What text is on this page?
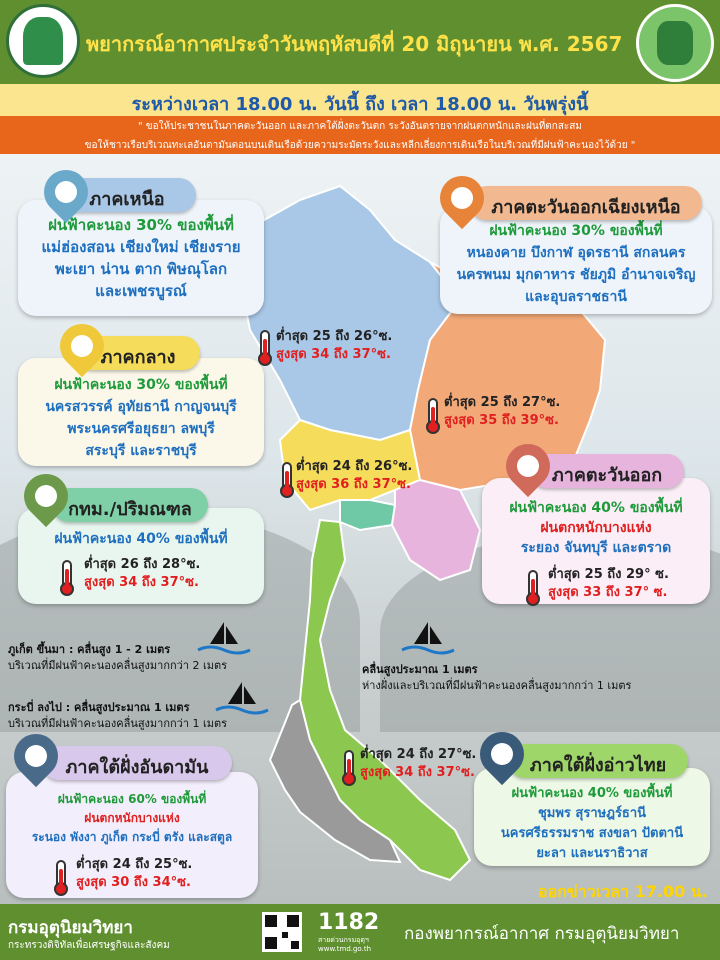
พยากรณ์อากาศประจำวันพฤหัสบดีที่ 20 มิถุนายน พ.ศ. 2567
ระหว่างเวลา 18.00 น. วันนี้ ถึง เวลา 18.00 น. วันพรุ่งนี้

" ขอให้ประชาชนในภาคตะวันออก และภาคใต้ฝั่งตะวันตก ระวังอันตรายจากฝนตกหนักและฝนที่ตกสะสม

ขอให้ชาวเรือบริเวณทะเลอันดามันตอนบนเดินเรือด้วยความระมัดระวังและหลีกเลี่ยงการเดินเรือในบริเวณที่มีฝนฟ้าคะนองไว้ด้วย "

ฝนฟ้าคะนอง 30% ของพื้นที่
แม่ฮ่องสอน เชียงใหม่ เชียงราย
พะเยา น่าน ตาก พิษณุโลก
และเพชรบูรณ์
ภาคเหนือ
ต่ำสุด 25 ถึง 26°ซ.
สูงสุด 34 ถึง 37°ซ.
ฝนฟ้าคะนอง 30% ของพื้นที่
หนองคาย บึงกาฬ อุดรธานี สกลนคร
นครพนม มุกดาหาร ชัยภูมิ อำนาจเจริญ
และอุบลราชธานี
ภาคตะวันออกเฉียงเหนือ
ต่ำสุด 25 ถึง 27°ซ.
สูงสุด 35 ถึง 39°ซ.
ฝนฟ้าคะนอง 30% ของพื้นที่
นครสวรรค์ อุทัยธานี กาญจนบุรี
พระนครศรีอยุธยา ลพบุรี
สระบุรี และราชบุรี
ภาคกลาง
ต่ำสุด 24 ถึง 26°ซ.
สูงสุด 36 ถึง 37°ซ.
ฝนฟ้าคะนอง 40% ของพื้นที่
ต่ำสุด 26 ถึง 28°ซ.
สูงสุด 34 ถึง 37°ซ.
กทม./ปริมณฑล	ฝนฟ้าคะนอง 40% ของพื้นที่
ฝนตกหนักบางแห่ง
ระยอง จันทบุรี และตราด
ต่ำสุด 25 ถึง 29° ซ.
สูงสุด 33 ถึง 37° ซ.
ภาคตะวันออก
ภูเก็ต ขึ้นมา : คลื่นสูง 1 - 2 เมตร
บริเวณที่มีฝนฟ้าคะนองคลื่นสูงมากกว่า 2 เมตร
กระบี่ ลงไป : คลื่นสูงประมาณ 1 เมตร
บริเวณที่มีฝนฟ้าคะนองคลื่นสูงมากกว่า 1 เมตร
คลื่นสูงประมาณ 1 เมตร
ห่างฝั่งและบริเวณที่มีฝนฟ้าคะนองคลื่นสูงมากกว่า 1 เมตร
ฝนฟ้าคะนอง 60% ของพื้นที่
ฝนตกหนักบางแห่ง
ระนอง พังงา ภูเก็ต กระบี่ ตรัง และสตูล
ต่ำสุด 24 ถึง 25°ซ.
สูงสุด 30 ถึง 34°ซ.
ภาคใต้ฝั่งอันดามัน
ต่ำสุด 24 ถึง 27°ซ.
สูงสุด 34 ถึง 37°ซ.
ฝนฟ้าคะนอง 40% ของพื้นที่
ชุมพร สุราษฎร์ธานี
นครศรีธรรมราช สงขลา ปัตตานี
ยะลา และนราธิวาส
ภาคใต้ฝั่งอ่าวไทย
ออกข่าวเวลา 17.00 น.
กรมอุตุนิยมวิทยา
กระทรวงดิจิทัลเพื่อเศรษฐกิจและสังคม
1182
สายด่วนกรมอุตุฯ
www.tmd.go.th
กองพยากรณ์อากาศ กรมอุตุนิยมวิทยา
